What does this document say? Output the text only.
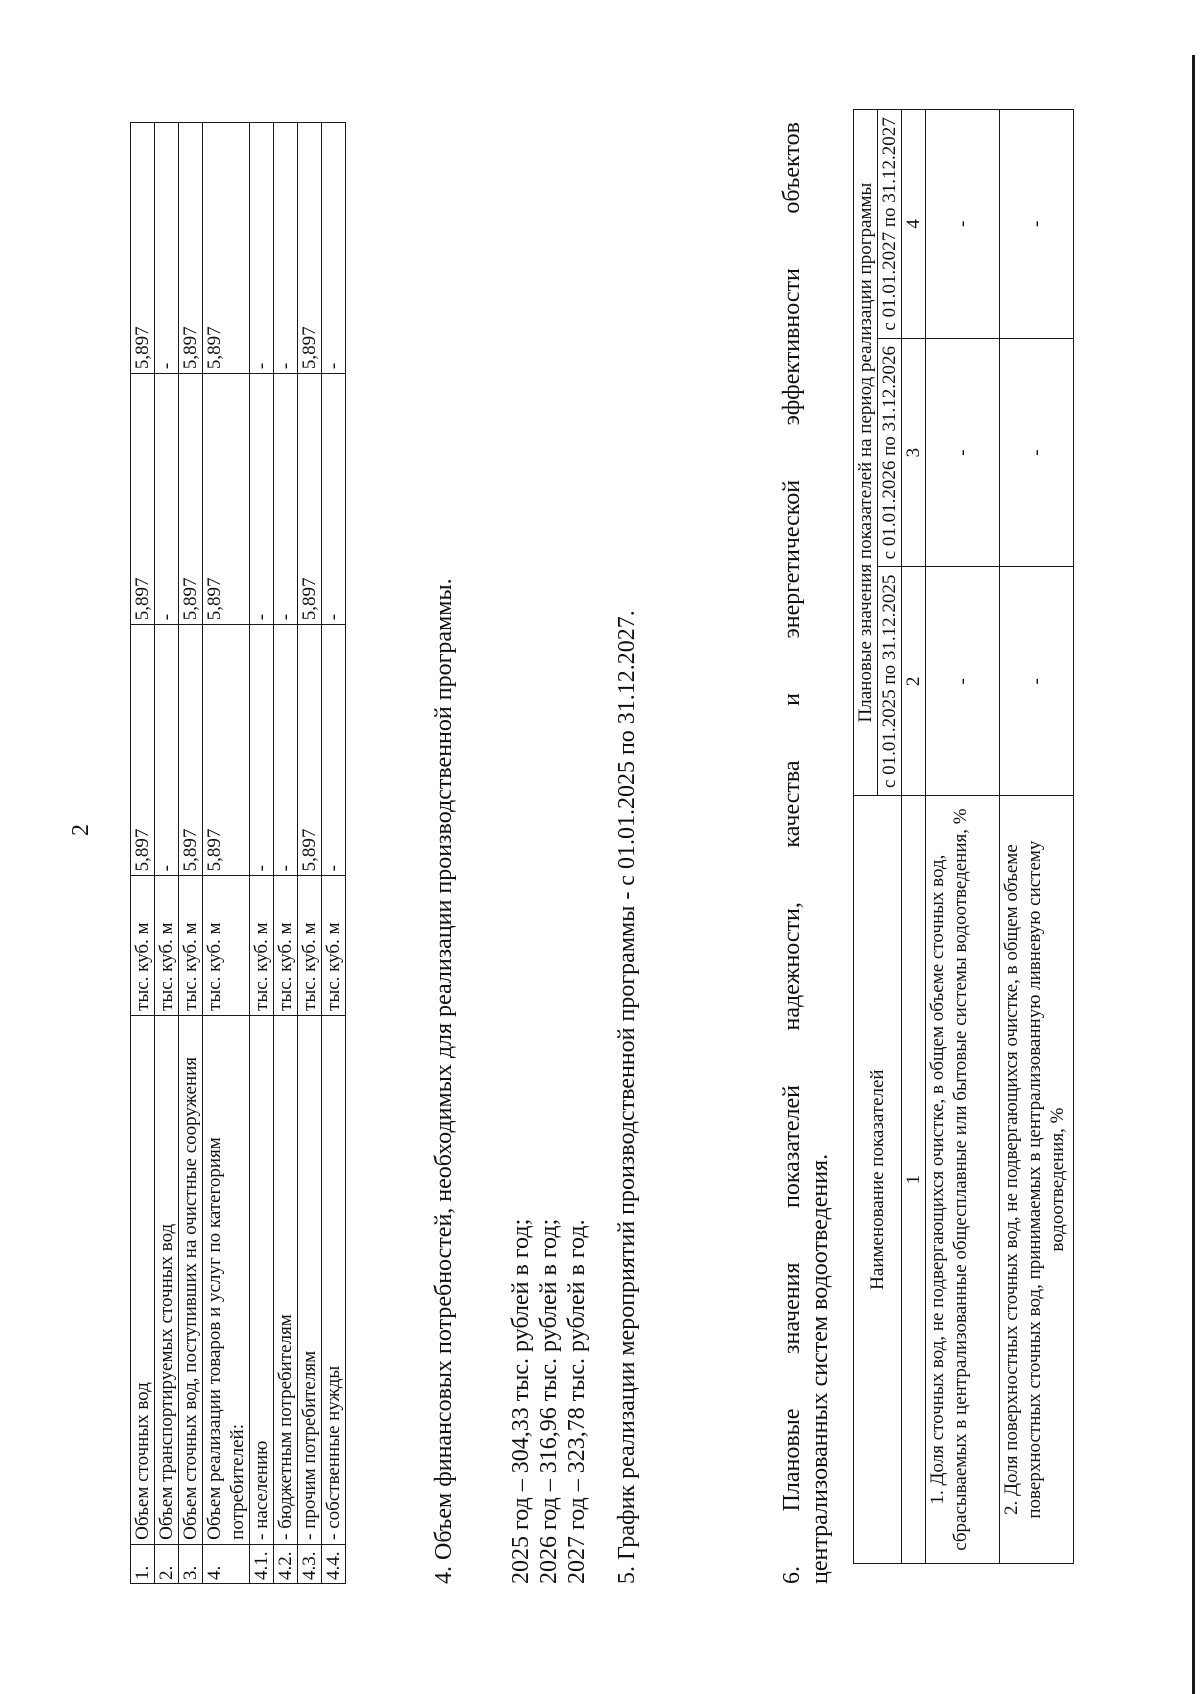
2
1.	Объем сточных вод	тыс. куб. м	5,897	5,897	5,897
2.	Объем транспортируемых сточных вод	тыс. куб. м	-	-	-
3.	Объем сточных вод, поступивших на очистные сооружения	тыс. куб. м	5,897	5,897	5,897
4.	Объем реализации товаров и услуг по категориям потребителей:	тыс. куб. м	5,897	5,897	5,897
4.1.	- населению	тыс. куб. м	-	-	-
4.2.	- бюджетным потребителям	тыс. куб. м	-	-	-
4.3.	- прочим потребителям	тыс. куб. м	5,897	5,897	5,897
4.4.	- собственные нужды	тыс. куб. м	-	-	-
4. Объем финансовых потребностей, необходимых для реализации производственной программы. 2025 год – 304,33 тыс. рублей в год; 2026 год – 316,96 тыс. рублей в год; 2027 год – 323,78 тыс. рублей в год. 5. График реализации мероприятий производственной программы - с 01.01.2025 по 31.12.2027.	6.
Плановые
значения
показателей
надежности,
качества
и
энергетической
эффективности
объектов
централизованных систем водоотведения. Наименование показателей	Плановые значения показателей на период реализации программы		
	с 01.01.2025 по 31.12.2025	с 01.01.2026 по 31.12.2026	с 01.01.2027 по 31.12.2027
1	2	3	4
1. Доля сточных вод, не подвергающихся очистке, в общем объеме сточных вод, сбрасываемых в централизованные общесплавные или бытовые системы водоотведения, %	-	-	-
2. Доля поверхностных сточных вод, не подвергающихся очистке, в общем объеме поверхностных сточных вод, принимаемых в централизованную ливневую систему водоотведения, %	-	-	-
